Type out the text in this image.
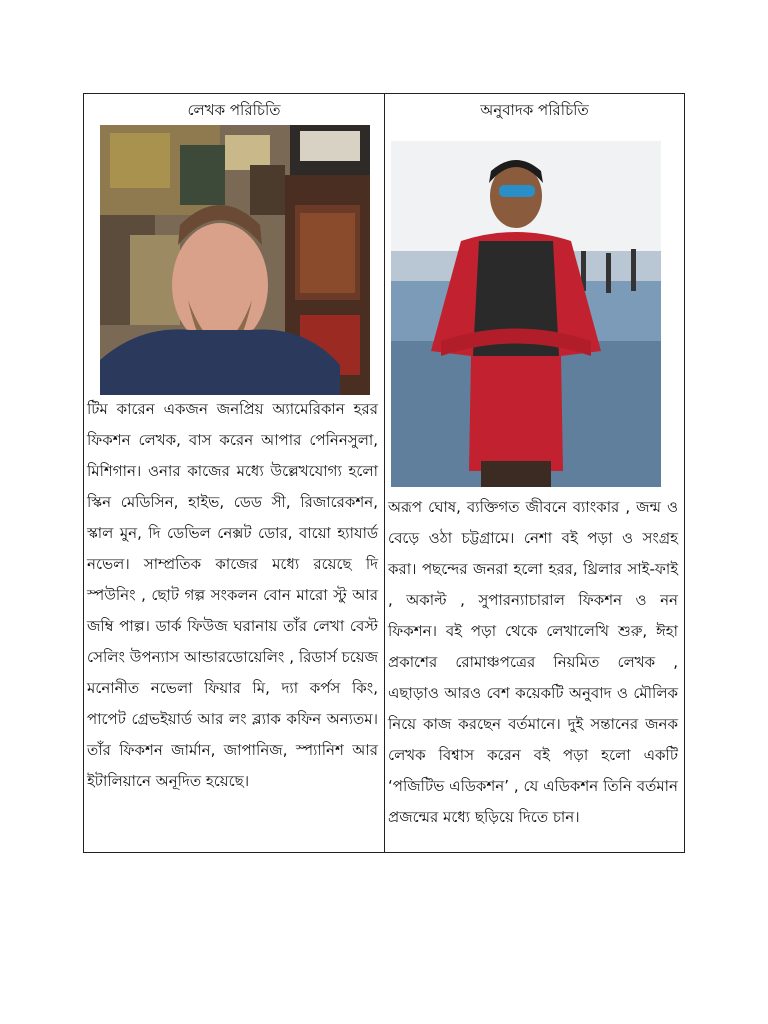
লেখক পরিচিতি

টিম কারেন একজন জনপ্রিয় অ্যামেরিকান হরর ফিকশন লেখক, বাস করেন আপার পেনিনসুলা, মিশিগান। ওনার কাজের মধ্যে উল্লেখযোগ্য হলো স্কিন মেডিসিন, হাইভ, ডেড সী, রিজারেকশন, স্কাল মুন, দি ডেভিল নেক্সট ডোর, বায়ো হ্যাযার্ড নভেল। সাম্প্রতিক কাজের মধ্যে রয়েছে দি স্পউনিং , ছোট গল্প সংকলন বোন মারো স্টু আর জম্বি পাল্প। ডার্ক ফিউজ ঘরানায় তাঁর লেখা বেস্ট সেলিং উপন্যাস আন্ডারডোয়েলিং , রিডার্স চয়েজ মনোনীত নভেলা ফিয়ার মি, দ্যা কর্পস কিং, পাপেট গ্রেভইয়ার্ড আর লং ব্ল্যাক কফিন অন্যতম। তাঁর ফিকশন জার্মান, জাপানিজ, স্প্যানিশ আর ইটালিয়ানে অনূদিত হয়েছে।

অনুবাদক পরিচিতি

অরূপ ঘোষ, ব্যক্তিগত জীবনে ব্যাংকার , জন্ম ও বেড়ে ওঠা চট্টগ্রামে। নেশা বই পড়া ও সংগ্রহ করা। পছন্দের জনরা হলো হরর, থ্রিলার সাই-ফাই , অকাল্ট , সুপারন্যাচারাল ফিকশন ও নন ফিকশন। বই পড়া থেকে লেখালেখি শুরু, ঈহা প্রকাশের রোমাঞ্চপত্রের নিয়মিত লেখক , এছাড়াও আরও বেশ কয়েকটি অনুবাদ ও মৌলিক নিয়ে কাজ করছেন বর্তমানে। দুই সন্তানের জনক লেখক বিশ্বাস করেন বই পড়া হলো একটি ‘পজিটিভ এডিকশন’ , যে এডিকশন তিনি বর্তমান প্রজন্মের মধ্যে ছড়িয়ে দিতে চান।
